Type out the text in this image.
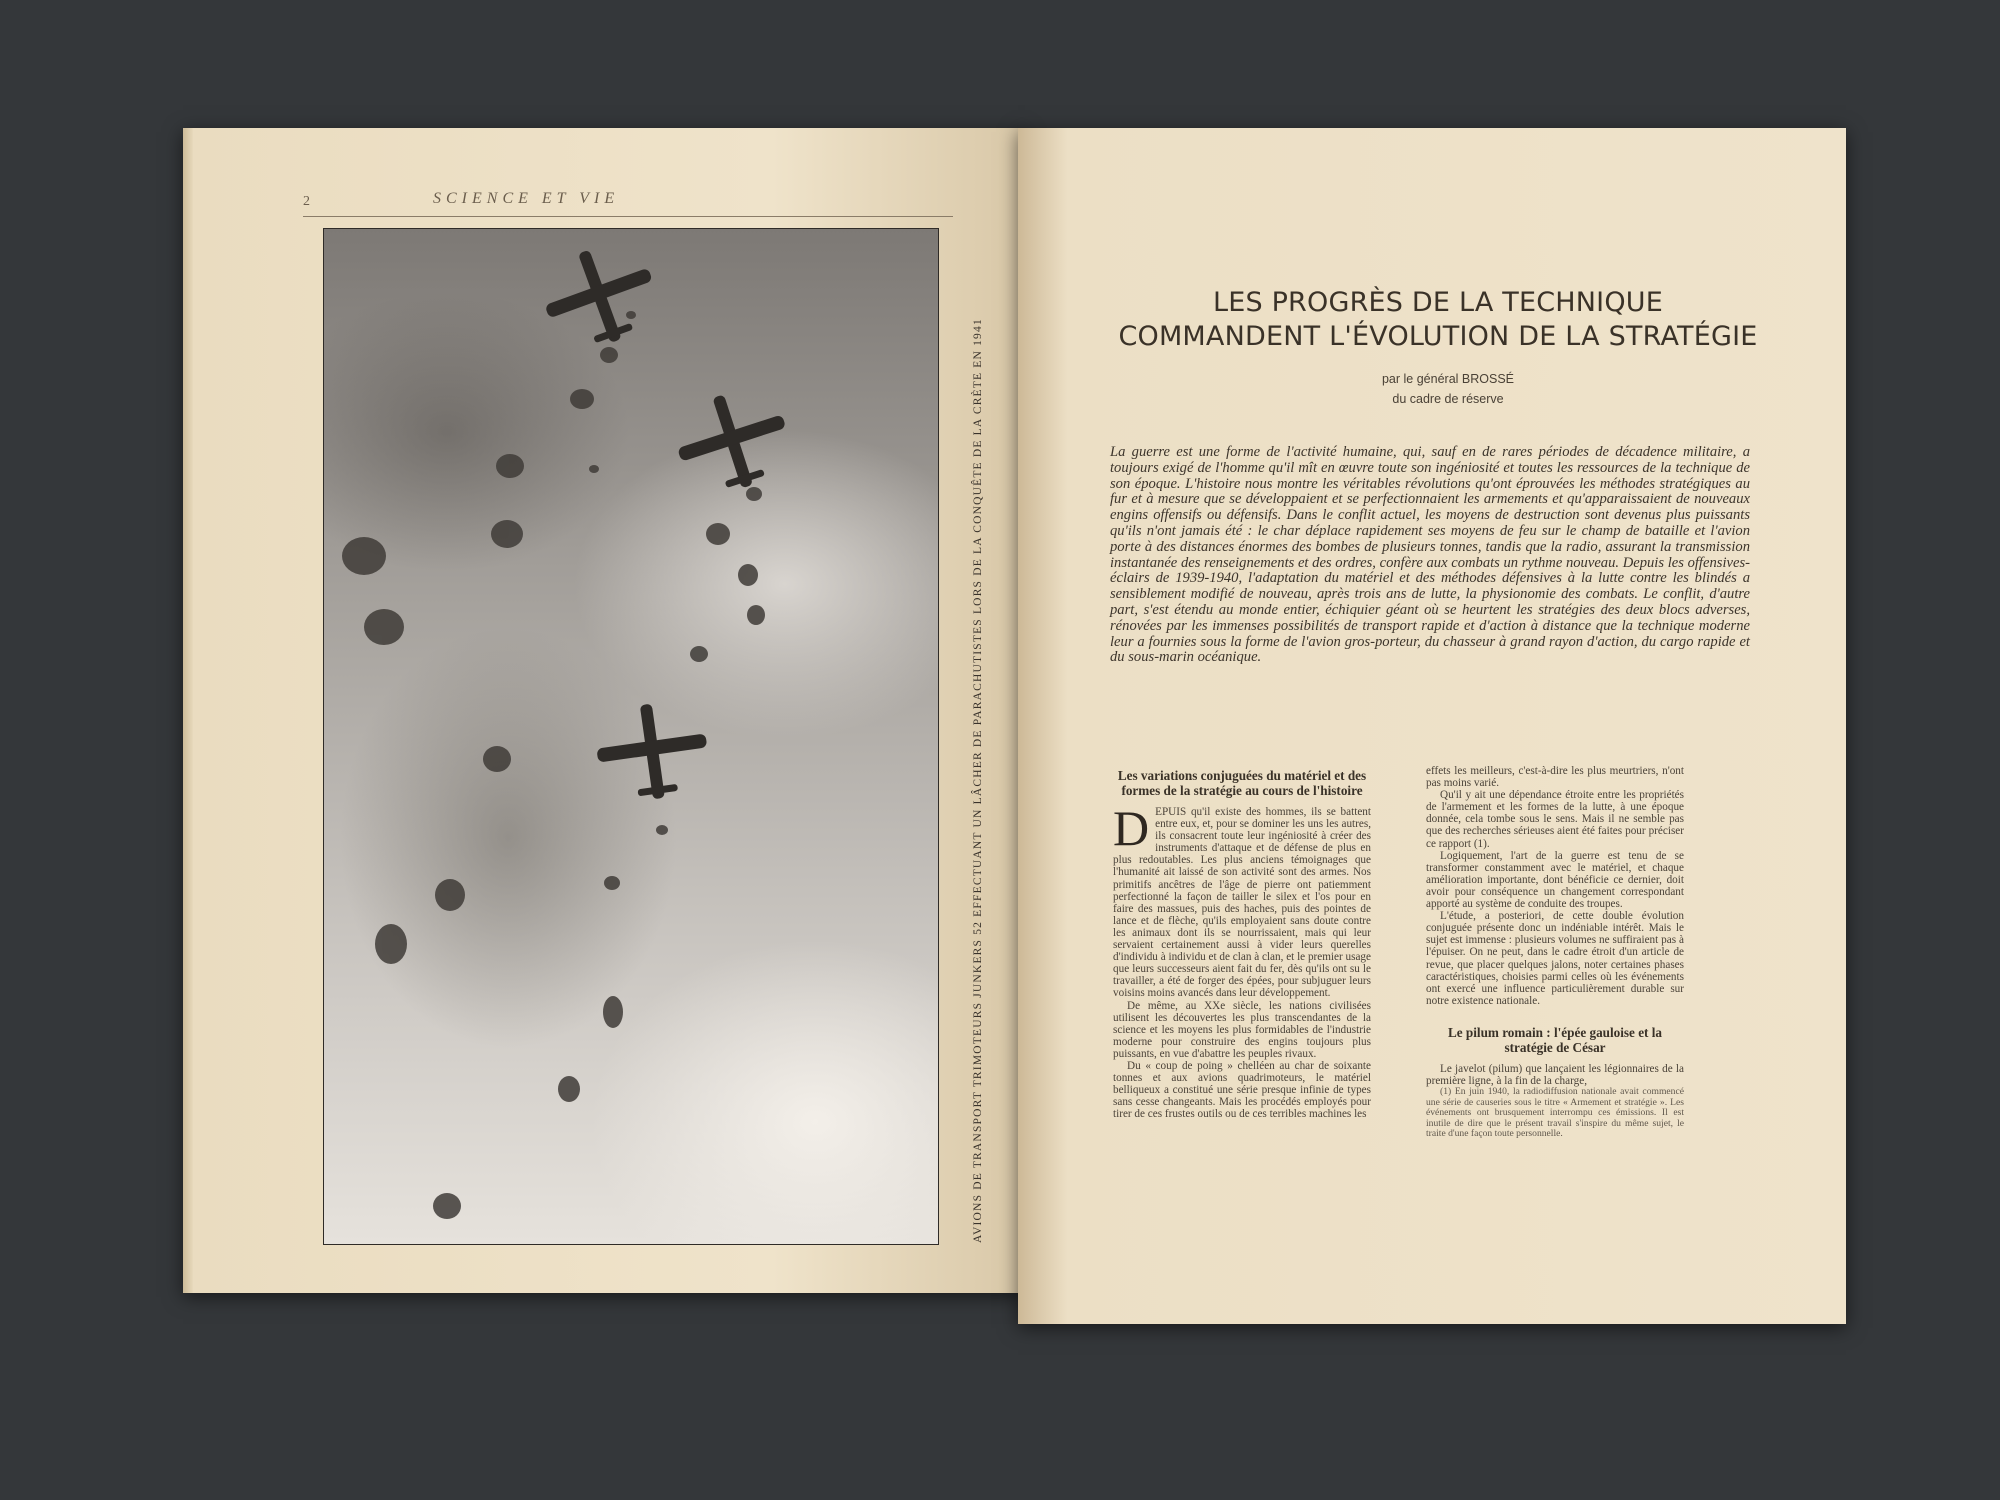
2	SCIENCE ET VIE
AVIONS DE TRANSPORT TRIMOTEURS JUNKERS 52 EFFECTUANT UN LÂCHER DE PARACHUTISTES LORS DE LA CONQUÊTE DE LA CRÈTE EN 1941
LES PROGRÈS DE LA TECHNIQUE
COMMANDENT L'ÉVOLUTION DE LA STRATÉGIE
par le général BROSSÉ
du cadre de réserve
La guerre est une forme de l'activité humaine, qui, sauf en de rares périodes de décadence militaire, a toujours exigé de l'homme qu'il mît en œuvre toute son ingéniosité et toutes les ressources de la technique de son époque. L'histoire nous montre les véritables révolutions qu'ont éprouvées les méthodes stratégiques au fur et à mesure que se développaient et se perfectionnaient les armements et qu'apparaissaient de nouveaux engins offensifs ou défensifs. Dans le conflit actuel, les moyens de destruction sont devenus plus puissants qu'ils n'ont jamais été : le char déplace rapidement ses moyens de feu sur le champ de bataille et l'avion porte à des distances énormes des bombes de plusieurs tonnes, tandis que la radio, assurant la transmission instantanée des renseignements et des ordres, confère aux combats un rythme nouveau. Depuis les offensives-éclairs de 1939-1940, l'adaptation du matériel et des méthodes défensives à la lutte contre les blindés a sensiblement modifié de nouveau, après trois ans de lutte, la physionomie des combats. Le conflit, d'autre part, s'est étendu au monde entier, échiquier géant où se heurtent les stratégies des deux blocs adverses, rénovées par les immenses possibilités de transport rapide et d'action à distance que la technique moderne leur a fournies sous la forme de l'avion gros-porteur, du chasseur à grand rayon d'action, du cargo rapide et du sous-marin océanique.
Les variations conjuguées du matériel et des formes de la stratégie au cours de l'histoire

DEPUIS qu'il existe des hommes, ils se battent entre eux, et, pour se dominer les uns les autres, ils consacrent toute leur ingéniosité à créer des instruments d'attaque et de défense de plus en plus redoutables. Les plus anciens témoignages que l'humanité ait laissé de son activité sont des armes. Nos primitifs ancêtres de l'âge de pierre ont patiemment perfectionné la façon de tailler le silex et l'os pour en faire des massues, puis des haches, puis des pointes de lance et de flèche, qu'ils employaient sans doute contre les animaux dont ils se nourrissaient, mais qui leur servaient certainement aussi à vider leurs querelles d'individu à individu et de clan à clan, et le premier usage que leurs successeurs aient fait du fer, dès qu'ils ont su le travailler, a été de forger des épées, pour subjuguer leurs voisins moins avancés dans leur développement.

De même, au XXe siècle, les nations civilisées utilisent les découvertes les plus transcendantes de la science et les moyens les plus formidables de l'industrie moderne pour construire des engins toujours plus puissants, en vue d'abattre les peuples rivaux.

Du « coup de poing » chelléen au char de soixante tonnes et aux avions quadrimoteurs, le matériel belliqueux a constitué une série presque infinie de types sans cesse changeants. Mais les procédés employés pour tirer de ces frustes outils ou de ces terribles machines les

effets les meilleurs, c'est-à-dire les plus meurtriers, n'ont pas moins varié.

Qu'il y ait une dépendance étroite entre les propriétés de l'armement et les formes de la lutte, à une époque donnée, cela tombe sous le sens. Mais il ne semble pas que des recherches sérieuses aient été faites pour préciser ce rapport (1).

Logiquement, l'art de la guerre est tenu de se transformer constamment avec le matériel, et chaque amélioration importante, dont bénéficie ce dernier, doit avoir pour conséquence un changement correspondant apporté au système de conduite des troupes.

L'étude, a posteriori, de cette double évolution conjuguée présente donc un indéniable intérêt. Mais le sujet est immense : plusieurs volumes ne suffiraient pas à l'épuiser. On ne peut, dans le cadre étroit d'un article de revue, que placer quelques jalons, noter certaines phases caractéristiques, choisies parmi celles où les événements ont exercé une influence particulièrement durable sur notre existence nationale.

Le pilum romain : l'épée gauloise et la stratégie de César

Le javelot (pilum) que lançaient les légionnaires de la première ligne, à la fin de la charge,

(1) En juin 1940, la radiodiffusion nationale avait commencé une série de causeries sous le titre « Armement et stratégie ». Les événements ont brusquement interrompu ces émissions. Il est inutile de dire que le présent travail s'inspire du même sujet, le traite d'une façon toute personnelle.
